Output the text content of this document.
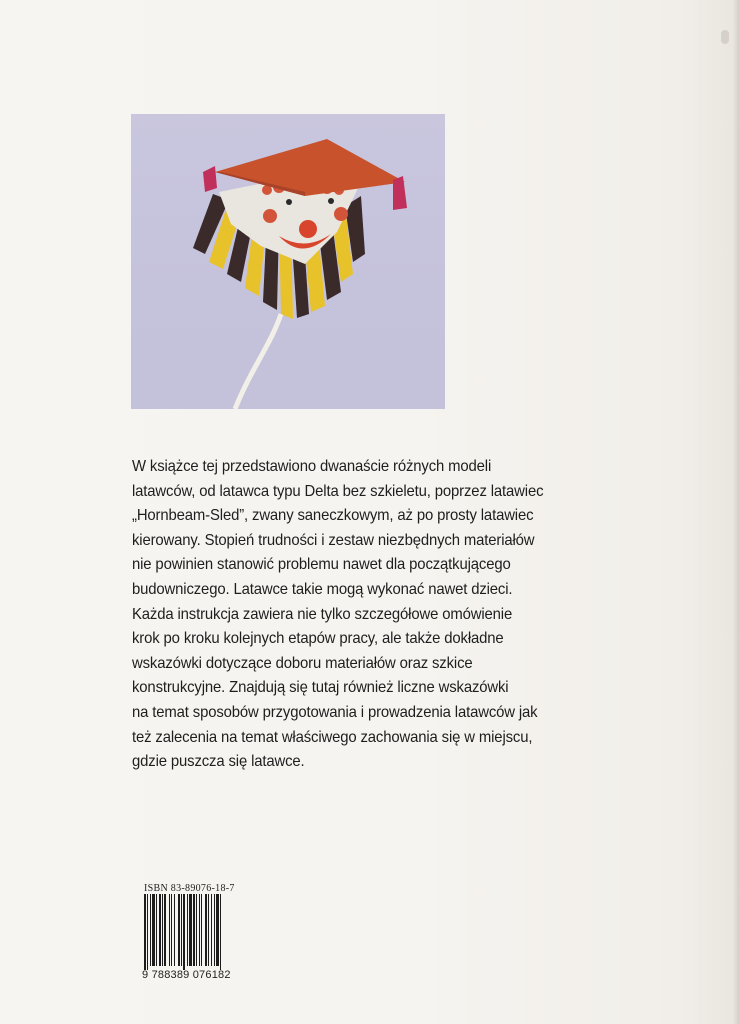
W książce tej przedstawiono dwanaście różnych modeli
latawców, od latawca typu Delta bez szkieletu, poprzez latawiec
„Hornbeam-Sled”, zwany saneczkowym, aż po prosty latawiec
kierowany. Stopień trudności i zestaw niezbędnych materiałów
nie powinien stanowić problemu nawet dla początkującego
budowniczego. Latawce takie mogą wykonać nawet dzieci.
Każda instrukcja zawiera nie tylko szczegółowe omówienie
krok po kroku kolejnych etapów pracy, ale także dokładne
wskazówki dotyczące doboru materiałów oraz szkice
konstrukcyjne. Znajdują się tutaj również liczne wskazówki
na temat sposobów przygotowania i prowadzenia latawców jak
też zalecenia na temat właściwego zachowania się w miejscu,
gdzie puszcza się latawce.

ISBN 83-89076-18-7
9 788389 076182
